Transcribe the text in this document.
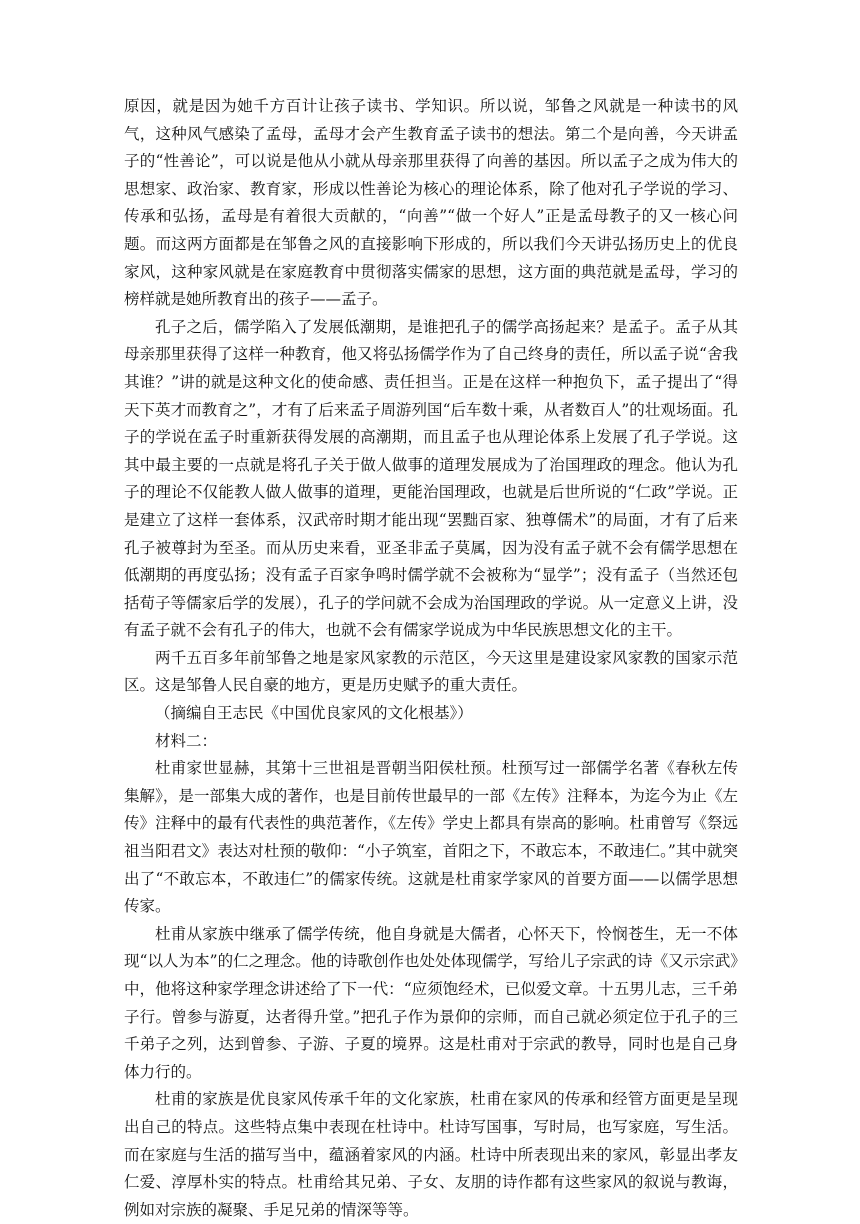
原因，就是因为她千方百计让孩子读书、学知识。所以说，邹鲁之风就是一种读书的风气，这种风气感染了孟母，孟母才会产生教育孟子读书的想法。第二个是向善，今天讲孟子的“性善论”，可以说是他从小就从母亲那里获得了向善的基因。所以孟子之成为伟大的思想家、政治家、教育家，形成以性善论为核心的理论体系，除了他对孔子学说的学习、传承和弘扬，孟母是有着很大贡献的，“向善”“做一个好人”正是孟母教子的又一核心问题。而这两方面都是在邹鲁之风的直接影响下形成的，所以我们今天讲弘扬历史上的优良家风，这种家风就是在家庭教育中贯彻落实儒家的思想，这方面的典范就是孟母，学习的榜样就是她所教育出的孩子——孟子。

孔子之后，儒学陷入了发展低潮期，是谁把孔子的儒学高扬起来？是孟子。孟子从其母亲那里获得了这样一种教育，他又将弘扬儒学作为了自己终身的责任，所以孟子说“舍我其谁？”讲的就是这种文化的使命感、责任担当。正是在这样一种抱负下，孟子提出了“得天下英才而教育之”，才有了后来孟子周游列国“后车数十乘，从者数百人”的壮观场面。孔子的学说在孟子时重新获得发展的高潮期，而且孟子也从理论体系上发展了孔子学说。这其中最主要的一点就是将孔子关于做人做事的道理发展成为了治国理政的理念。他认为孔子的理论不仅能教人做人做事的道理，更能治国理政，也就是后世所说的“仁政”学说。正是建立了这样一套体系，汉武帝时期才能出现“罢黜百家、独尊儒术”的局面，才有了后来孔子被尊封为至圣。而从历史来看，亚圣非孟子莫属，因为没有孟子就不会有儒学思想在低潮期的再度弘扬；没有孟子百家争鸣时儒学就不会被称为“显学”；没有孟子（当然还包括荀子等儒家后学的发展），孔子的学问就不会成为治国理政的学说。从一定意义上讲，没有孟子就不会有孔子的伟大，也就不会有儒家学说成为中华民族思想文化的主干。

两千五百多年前邹鲁之地是家风家教的示范区，今天这里是建设家风家教的国家示范区。这是邹鲁人民自豪的地方，更是历史赋予的重大责任。

（摘编自王志民《中国优良家风的文化根基》）

材料二：

杜甫家世显赫，其第十三世祖是晋朝当阳侯杜预。杜预写过一部儒学名著《春秋左传集解》，是一部集大成的著作，也是目前传世最早的一部《左传》注释本，为迄今为止《左传》注释中的最有代表性的典范著作，《左传》学史上都具有崇高的影响。杜甫曾写《祭远祖当阳君文》表达对杜预的敬仰：“小子筑室，首阳之下，不敢忘本，不敢违仁。”其中就突出了“不敢忘本，不敢违仁”的儒家传统。这就是杜甫家学家风的首要方面——以儒学思想传家。

杜甫从家族中继承了儒学传统，他自身就是大儒者，心怀天下，怜悯苍生，无一不体现“以人为本”的仁之理念。他的诗歌创作也处处体现儒学，写给儿子宗武的诗《又示宗武》中，他将这种家学理念讲述给了下一代：“应须饱经术，已似爱文章。十五男儿志，三千弟子行。曾参与游夏，达者得升堂。”把孔子作为景仰的宗师，而自己就必须定位于孔子的三千弟子之列，达到曾参、子游、子夏的境界。这是杜甫对于宗武的教导，同时也是自己身体力行的。

杜甫的家族是优良家风传承千年的文化家族，杜甫在家风的传承和经管方面更是呈现出自己的特点。这些特点集中表现在杜诗中。杜诗写国事，写时局，也写家庭，写生活。而在家庭与生活的描写当中，蕴涵着家风的内涵。杜诗中所表现出来的家风，彰显出孝友仁爱、淳厚朴实的特点。杜甫给其兄弟、子女、友朋的诗作都有这些家风的叙说与教诲，例如对宗族的凝聚、手足兄弟的情深等等。
